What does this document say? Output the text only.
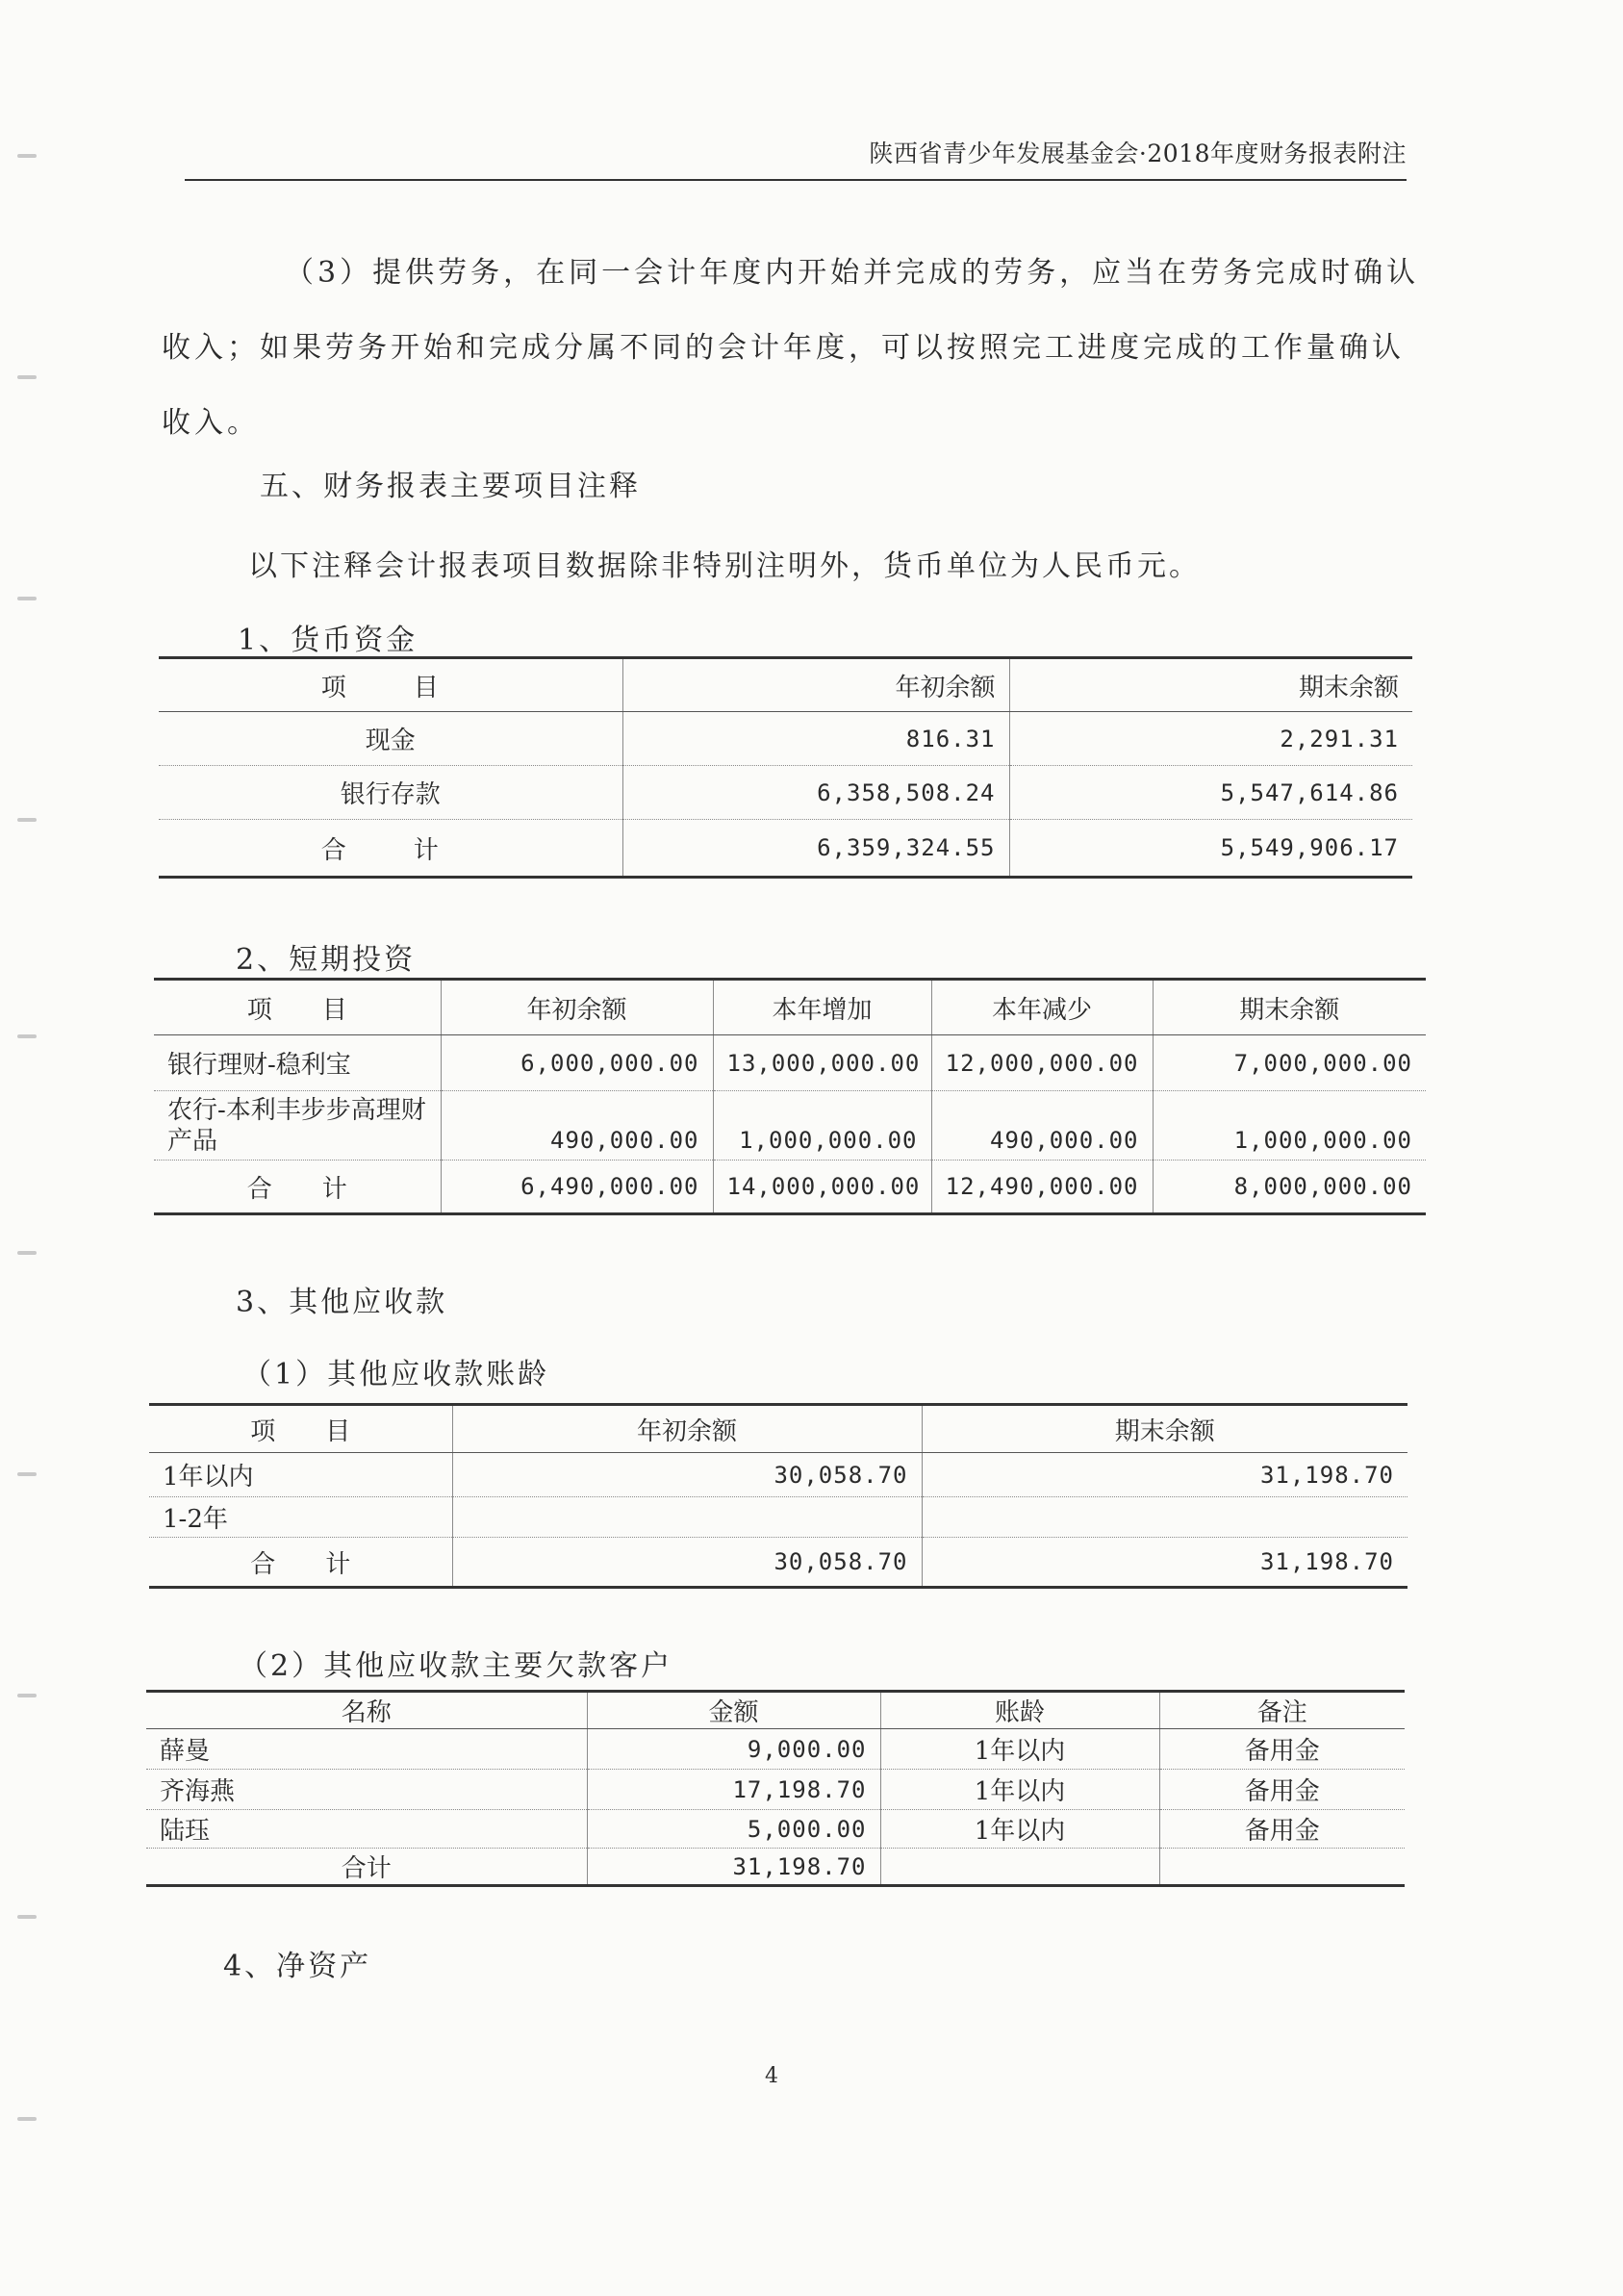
陕西省青少年发展基金会·2018年度财务报表附注
（3）提供劳务，在同一会计年度内开始并完成的劳务，应当在劳务完成时确认
收入；如果劳务开始和完成分属不同的会计年度，可以按照完工进度完成的工作量确认
收入。
五、财务报表主要项目注释
以下注释会计报表项目数据除非特别注明外，货币单位为人民币元。
1、货币资金
项　目	年初余额	期末余额
现金	816.31	2,291.31
银行存款	6,358,508.24	5,547,614.86
合　计	6,359,324.55	5,549,906.17
2、短期投资
项　　目	年初余额	本年增加	本年减少	期末余额
银行理财-稳利宝	6,000,000.00	13,000,000.00	12,000,000.00	7,000,000.00
农行-本利丰步步高理财产品	490,000.00	1,000,000.00	490,000.00	1,000,000.00
合　　计	6,490,000.00	14,000,000.00	12,490,000.00	8,000,000.00
3、其他应收款
（1）其他应收款账龄
项　　目	年初余额	期末余额
1年以内	30,058.70	31,198.70
1-2年		
合　　计	30,058.70	31,198.70
（2）其他应收款主要欠款客户
名称	金额	账龄	备注
薛曼	9,000.00	1年以内	备用金
齐海燕	17,198.70	1年以内	备用金
陆珏	5,000.00	1年以内	备用金
合计	31,198.70		
4、净资产
4
